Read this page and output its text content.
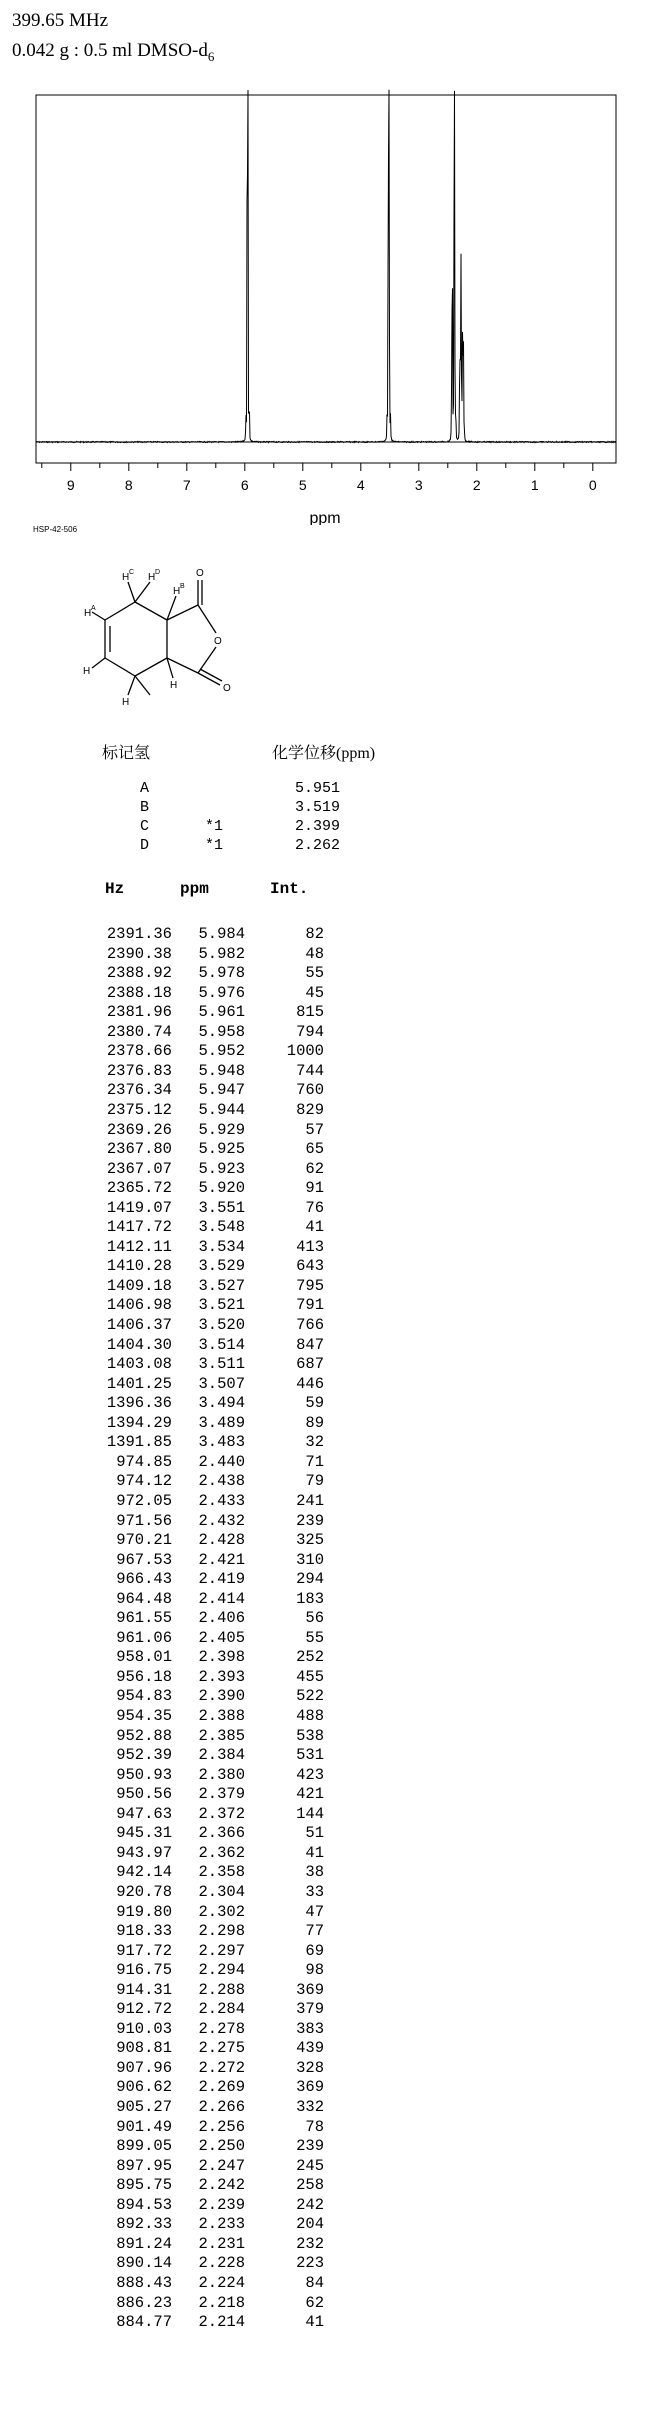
399.65 MHz
0.042 g : 0.5 ml DMSO-$d_6$
9	8	7	6	5	4	3	2	1	0
ppm
HSP-42-506
H A
H C H D
H B
O
O
O
H
H
H
标记氢	化学位移(ppm)
A	5.951
B	3.519
C	*1	2.399
D	*1	2.262
Hz	ppm	Int.
2391.36	5.984	82
2390.38	5.982	48
2388.92	5.978	55
2388.18	5.976	45
2381.96	5.961	815
2380.74	5.958	794
2378.66	5.952	1000
2376.83	5.948	744
2376.34	5.947	760
2375.12	5.944	829
2369.26	5.929	57
2367.80	5.925	65
2367.07	5.923	62
2365.72	5.920	91
1419.07	3.551	76
1417.72	3.548	41
1412.11	3.534	413
1410.28	3.529	643
1409.18	3.527	795
1406.98	3.521	791
1406.37	3.520	766
1404.30	3.514	847
1403.08	3.511	687
1401.25	3.507	446
1396.36	3.494	59
1394.29	3.489	89
1391.85	3.483	32
974.85	2.440	71
974.12	2.438	79
972.05	2.433	241
971.56	2.432	239
970.21	2.428	325
967.53	2.421	310
966.43	2.419	294
964.48	2.414	183
961.55	2.406	56
961.06	2.405	55
958.01	2.398	252
956.18	2.393	455
954.83	2.390	522
954.35	2.388	488
952.88	2.385	538
952.39	2.384	531
950.93	2.380	423
950.56	2.379	421
947.63	2.372	144
945.31	2.366	51
943.97	2.362	41
942.14	2.358	38
920.78	2.304	33
919.80	2.302	47
918.33	2.298	77
917.72	2.297	69
916.75	2.294	98
914.31	2.288	369
912.72	2.284	379
910.03	2.278	383
908.81	2.275	439
907.96	2.272	328
906.62	2.269	369
905.27	2.266	332
901.49	2.256	78
899.05	2.250	239
897.95	2.247	245
895.75	2.242	258
894.53	2.239	242
892.33	2.233	204
891.24	2.231	232
890.14	2.228	223
888.43	2.224	84
886.23	2.218	62
884.77	2.214	41
